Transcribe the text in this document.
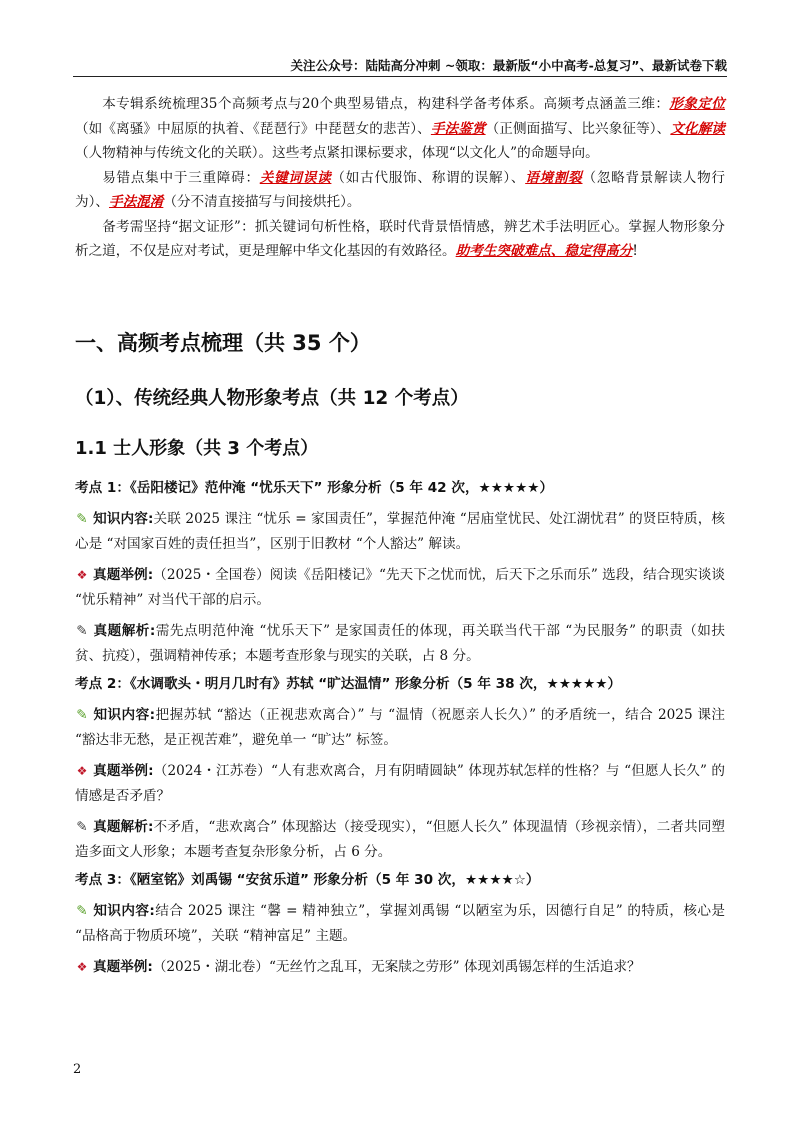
关注公众号：陆陆高分冲刺 ~领取：最新版“小中高考-总复习”、最新试卷下载

本专辑系统梳理35个高频考点与20个典型易错点，构建科学备考体系。高频考点涵盖三维：形象定位（如《离骚》中屈原的执着、《琵琶行》中琵琶女的悲苦）、手法鉴赏（正侧面描写、比兴象征等）、文化解读（人物精神与传统文化的关联）。这些考点紧扣课标要求，体现“以文化人”的命题导向。

易错点集中于三重障碍：关键词误读（如古代服饰、称谓的误解）、语境割裂（忽略背景解读人物行为）、手法混淆（分不清直接描写与间接烘托）。

备考需坚持“据文证形”：抓关键词句析性格，联时代背景悟情感，辨艺术手法明匠心。掌握人物形象分析之道，不仅是应对考试，更是理解中华文化基因的有效路径。助考生突破难点、稳定得高分!

一、高频考点梳理（共 35 个）
（1）、传统经典人物形象考点（共 12 个考点）
1.1 士人形象（共 3 个考点）
考点 1：《岳阳楼记》范仲淹 “忧乐天下” 形象分析（5 年 42 次，★★★★★）

✎ 知识内容:关联 2025 课注 “忧乐 = 家国责任”，掌握范仲淹 “居庙堂忧民、处江湖忧君” 的贤臣特质，核心是 “对国家百姓的责任担当”，区别于旧教材 “个人豁达” 解读。

❖ 真题举例:（2025・全国卷）阅读《岳阳楼记》“先天下之忧而忧，后天下之乐而乐” 选段，结合现实谈谈 “忧乐精神” 对当代干部的启示。

✎ 真题解析:需先点明范仲淹 “忧乐天下” 是家国责任的体现，再关联当代干部 “为民服务” 的职责（如扶贫、抗疫），强调精神传承；本题考查形象与现实的关联，占 8 分。

考点 2：《水调歌头・明月几时有》苏轼 “旷达温情” 形象分析（5 年 38 次，★★★★★）

✎ 知识内容:把握苏轼 “豁达（正视悲欢离合）” 与 “温情（祝愿亲人长久）” 的矛盾统一，结合 2025 课注 “豁达非无愁，是正视苦难”，避免单一 “旷达” 标签。

❖ 真题举例:（2024・江苏卷）“人有悲欢离合，月有阴晴圆缺” 体现苏轼怎样的性格？与 “但愿人长久” 的情感是否矛盾？

✎ 真题解析:不矛盾，“悲欢离合” 体现豁达（接受现实），“但愿人长久” 体现温情（珍视亲情），二者共同塑造多面文人形象；本题考查复杂形象分析，占 6 分。

考点 3：《陋室铭》刘禹锡 “安贫乐道” 形象分析（5 年 30 次，★★★★☆）

✎ 知识内容:结合 2025 课注 “馨 = 精神独立”，掌握刘禹锡 “以陋室为乐，因德行自足” 的特质，核心是 “品格高于物质环境”，关联 “精神富足” 主题。

❖ 真题举例:（2025・湖北卷）“无丝竹之乱耳，无案牍之劳形” 体现刘禹锡怎样的生活追求？

2
